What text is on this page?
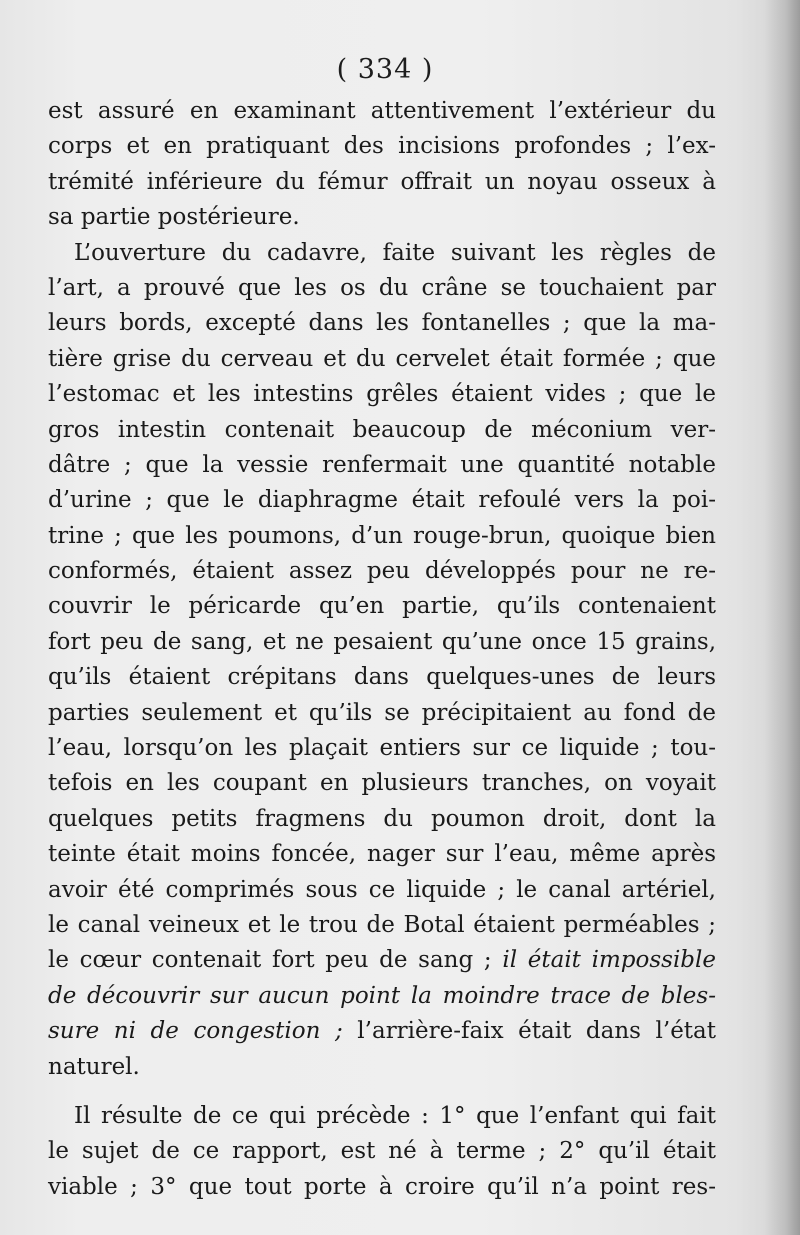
( 334 )
est assuré en examinant attentivement l’extérieur du
corps et en pratiquant des incisions profondes ; l’ex-
trémité inférieure du fémur offrait un noyau osseux à
sa partie postérieure.
L’ouverture du cadavre, faite suivant les règles de
l’art, a prouvé que les os du crâne se touchaient par
leurs bords, excepté dans les fontanelles ; que la ma-
tière grise du cerveau et du cervelet était formée ; que
l’estomac et les intestins grêles étaient vides ; que le
gros intestin contenait beaucoup de méconium ver-
dâtre ; que la vessie renfermait une quantité notable
d’urine ; que le diaphragme était refoulé vers la poi-
trine ; que les poumons, d’un rouge-brun, quoique bien
conformés, étaient assez peu développés pour ne re-
couvrir le péricarde qu’en partie, qu’ils contenaient
fort peu de sang, et ne pesaient qu’une once 15 grains,
qu’ils étaient crépitans dans quelques-unes de leurs
parties seulement et qu’ils se précipitaient au fond de
l’eau, lorsqu’on les plaçait entiers sur ce liquide ; tou-
tefois en les coupant en plusieurs tranches, on voyait
quelques petits fragmens du poumon droit, dont la
teinte était moins foncée, nager sur l’eau, même après
avoir été comprimés sous ce liquide ; le canal artériel,
le canal veineux et le trou de Botal étaient perméables ;
le cœur contenait fort peu de sang ; il était impossible
de découvrir sur aucun point la moindre trace de bles-
sure ni de congestion ; l’arrière-faix était dans l’état
naturel.
Il résulte de ce qui précède : 1° que l’enfant qui fait
le sujet de ce rapport, est né à terme ; 2° qu’il était
viable ; 3° que tout porte à croire qu’il n’a point res-
